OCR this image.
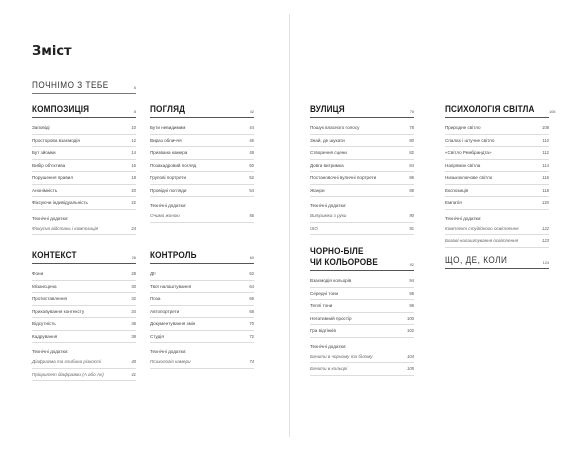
Зміст
ПОЧНІМО З ТЕБЕ	6
КОМПОЗИЦІЯ	8
Заповіді	10
Просторова взаємодія	12
Бут зйомки	14
Вибір об'єктива	16
Порушення правил	18
Анонімність	20
Фіксуючи індивідуальність	22
Технічні додатки:
Фокусна відстань і композиція	24
КОНТЕКСТ	26
Фони	28
Мізансцена	30
Протиставлення	32
Приховування контексту	34
Відсутність	36
Кадрування	38
Технічні додатки:
Діафрагма та глибина різкості	40
Пріоритет діафрагми (A або Av)	41
ПОГЛЯД	42
Бути невидимим	44
Вираз обличчя	46
Призвана камера	48
Позакадровий погляд	50
Групові портрети	52
Провідні погляди	54
Технічні додатки:
Очима жоною	56
КОНТРОЛЬ	60
ДІ!	62
Твої налаштування	64
Поза	66
Автопортрети	68
Документування змін	70
Студія	72
Технічні додатки:
Психологія камери	74
ВУЛИЦЯ	76
Пошук власного голосу	78
Знай, де шукати	80
Створення сцени	82
Довга витримка	84
Постановочні вуличні портрети	86
Жанри	88
Технічні додатки:
Витримка з руки	90
ISO	91
ЧОРНО-БІЛЕ
ЧИ КОЛЬОРОВЕ	92
Взаємодія кольорів	94
Середні тони	96
Теплі тони	98
Негативний простір	100
Гра відтінків	102
Технічні додатки:
Бачити в чорному та білому	104
Бачити в кольорі	105
ПСИХОЛОГІЯ СВІТЛА	106
Природне світло	108
Спалах і штучне світло	110
«Світло Рембрандта»	112
Напрямок світла	114
Низькоключове світло	116
Експозиція	118
Емпатія	120
Технічні додатки:
Комплект студійного освітлення	122
Базові налаштування освітлення	123
ЩО, ДЕ, КОЛИ	124
